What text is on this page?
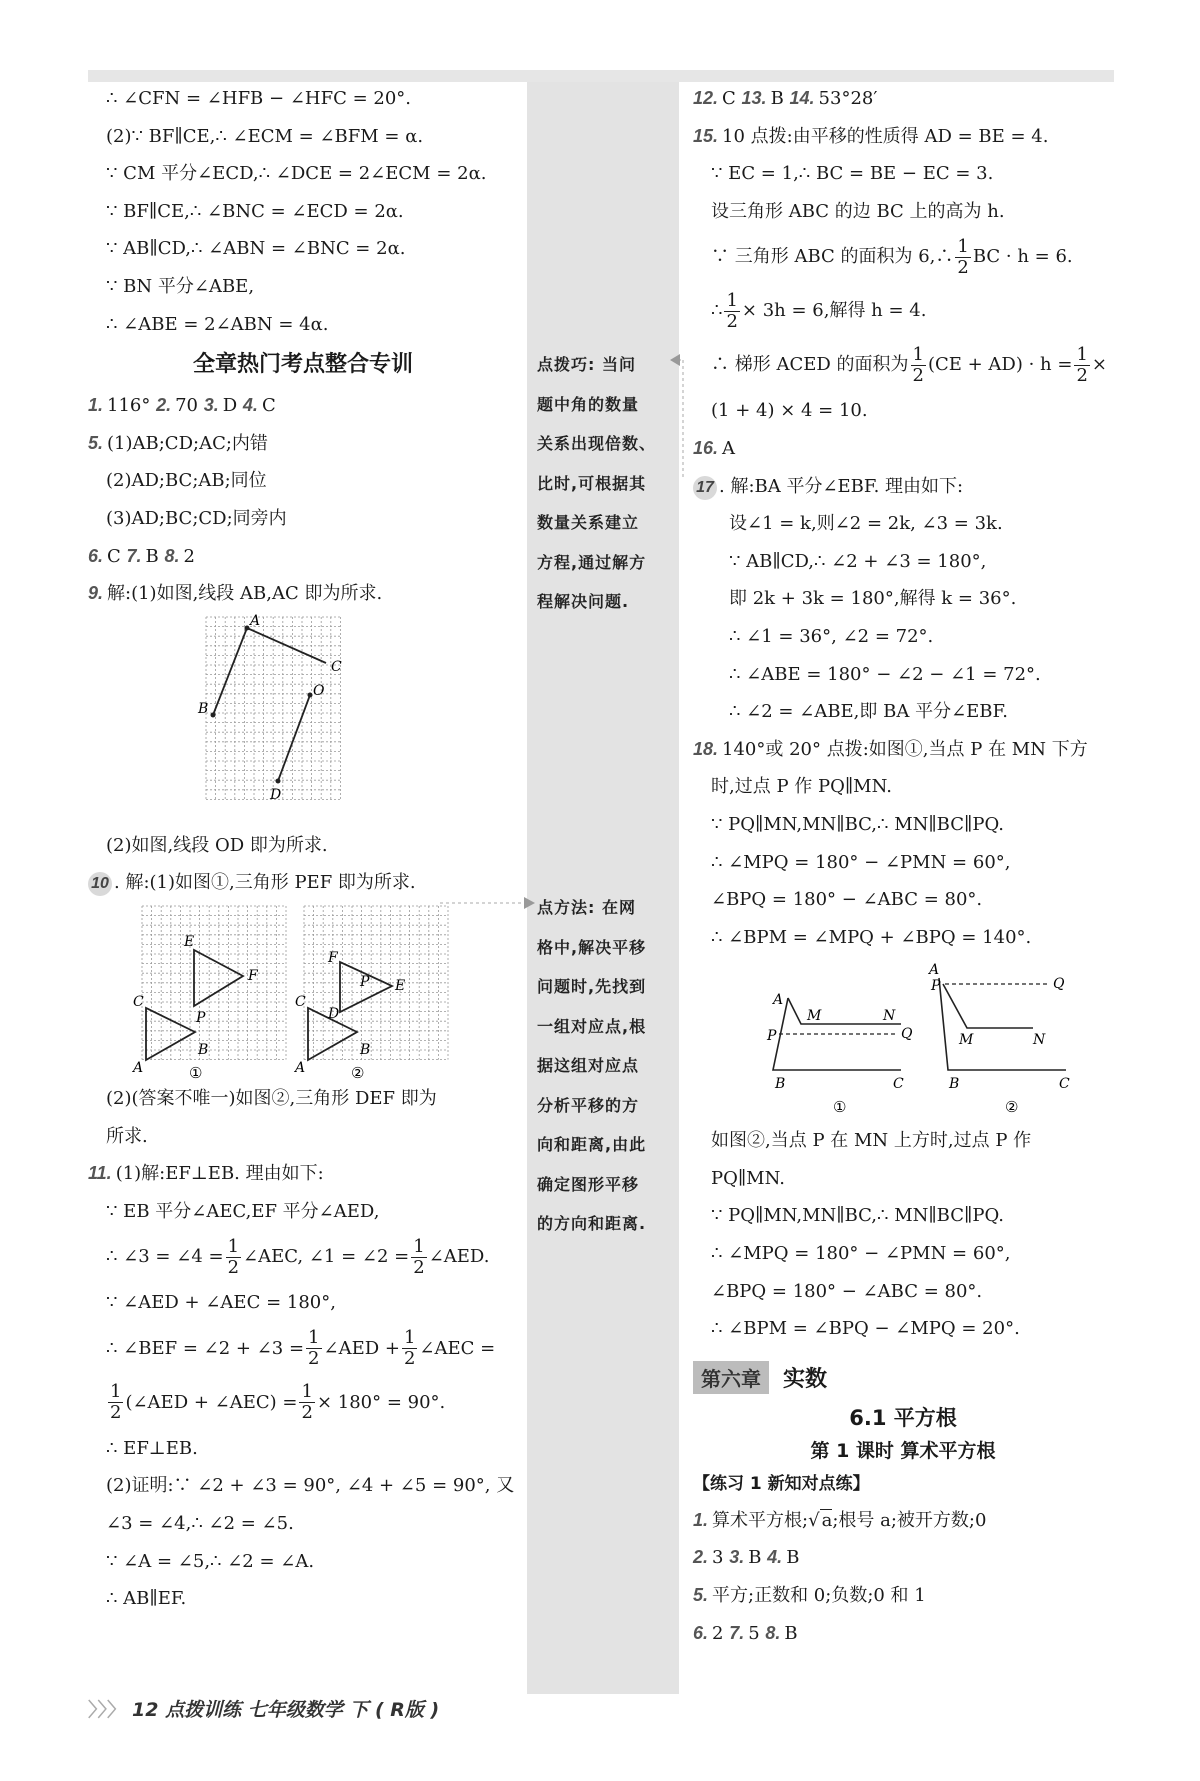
∴ ∠CFN = ∠HFB − ∠HFC = 20°.
(2)∵ BF∥CE,∴ ∠ECM = ∠BFM = α.
∵ CM 平分∠ECD,∴ ∠DCE = 2∠ECM = 2α.
∵ BF∥CE,∴ ∠BNC = ∠ECD = 2α.
∵ AB∥CD,∴ ∠ABN = ∠BNC = 2α.
∵ BN 平分∠ABE,
∴ ∠ABE = 2∠ABN = 4α.
全章热门考点整合专训
1. 116° 2. 70 3. D 4. C
5. (1)AB;CD;AC;内错
(2)AD;BC;AB;同位
(3)AD;BC;CD;同旁内
6. C 7. B 8. 2
9. 解:(1)如图,线段 AB,AC 即为所求.
A
C
B
O
D
(2)如图,线段 OD 即为所求.
10 . 解:(1)如图①,三角形 PEF 即为所求.
C
A
B
E
F
P
C
A
B
F
D
P E
①	②
(2)(答案不唯一)如图②,三角形 DEF 即为
所求.
11. (1)解:EF⊥EB. 理由如下:
∵ EB 平分∠AEC,EF 平分∠AED,
∴ ∠3 = ∠4 = $\frac{1}{2}$ ∠AEC, ∠1 = ∠2 = $\frac{1}{2}$ ∠AED.
∵ ∠AED + ∠AEC = 180°,
∴ ∠BEF = ∠2 + ∠3 = $\frac{1}{2}$ ∠AED + $\frac{1}{2}$ ∠AEC =
$\frac{1}{2}$ (∠AED + ∠AEC) = $\frac{1}{2} \times 180^\circ = 90^\circ$.
∴ EF⊥EB.
(2)证明:∵ ∠2 + ∠3 = 90°, ∠4 + ∠5 = 90°, 又
∠3 = ∠4,∴ ∠2 = ∠5.
∵ ∠A = ∠5,∴ ∠2 = ∠A.
∴ AB∥EF.
点拨巧: 当问
题中角的数量
关系出现倍数、
比时,可根据其
数量关系建立
方程,通过解方
程解决问题.
点方法: 在网
格中,解决平移
问题时,先找到
一组对应点,根
据这组对应点
分析平移的方
向和距离,由此
确定图形平移
的方向和距离.
12. C 13. B 14. 53°28′
15. 10 点拨:由平移的性质得 AD = BE = 4.
∵ EC = 1,∴ BC = BE − EC = 3.
设三角形 ABC 的边 BC 上的高为 h.
∵ 三角形 ABC 的面积为 6,∴ $\frac{1}{2}$ BC · h = 6.
∴ $\frac{1}{2} \times 3h = 6$,解得 h = 4.
∴ 梯形 ACED 的面积为 $\frac{1}{2} (CE + AD) \cdot h = \frac{1}{2}$ ×
(1 + 4) × 4 = 10.
16. A
17 . 解:BA 平分∠EBF. 理由如下:
设∠1 = k,则∠2 = 2k, ∠3 = 3k.
∵ AB∥CD,∴ ∠2 + ∠3 = 180°,
即 2k + 3k = 180°,解得 k = 36°.
∴ ∠1 = 36°, ∠2 = 72°.
∴ ∠ABE = 180° − ∠2 − ∠1 = 72°.
∴ ∠2 = ∠ABE,即 BA 平分∠EBF.
18. 140°或 20° 点拨:如图①,当点 P 在 MN 下方
时,过点 P 作 PQ∥MN.
∵ PQ∥MN,MN∥BC,∴ MN∥BC∥PQ.
∴ ∠MPQ = 180° − ∠PMN = 60°,
∠BPQ = 180° − ∠ABC = 80°.
∴ ∠BPM = ∠MPQ + ∠BPQ = 140°.
A
M	N
P	Q
B	C
①
A
P	Q
M	N
B	C
②
如图②,当点 P 在 MN 上方时,过点 P 作
PQ∥MN.
∵ PQ∥MN,MN∥BC,∴ MN∥BC∥PQ.
∴ ∠MPQ = 180° − ∠PMN = 60°,
∠BPQ = 180° − ∠ABC = 80°.
∴ ∠BPM = ∠BPQ − ∠MPQ = 20°.
第六章	实数
6.1 平方根
第 1 课时 算术平方根
【练习 1 新知对点练】
1. 算术平方根;√ a;根号 a;被开方数;0
2. 3 3. B 4. B
5. 平方;正数和 0;负数;0 和 1
6. 2 7. 5 8. B
〉〉〉 12 点拨训练 七年级数学 下 ( R版 )
